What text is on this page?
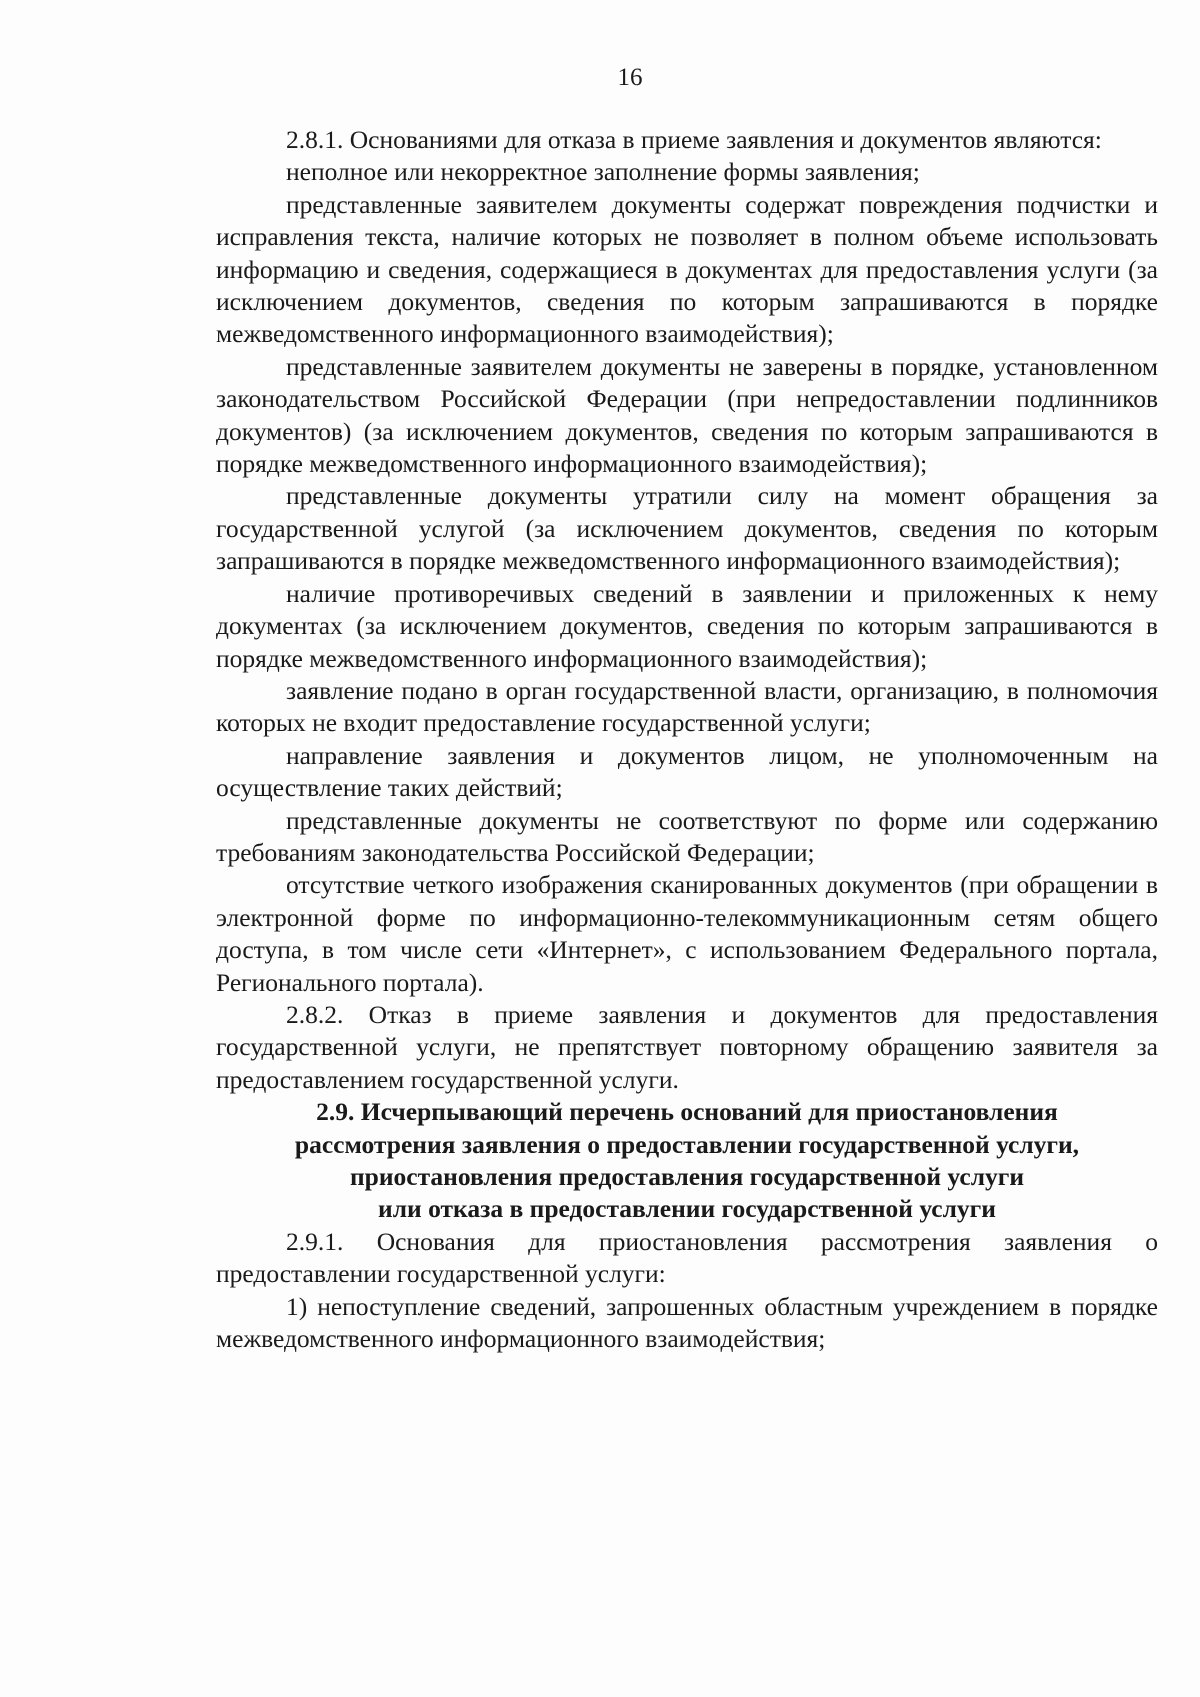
16

2.8.1. Основаниями для отказа в приеме заявления и документов являются:

неполное или некорректное заполнение формы заявления;

представленные заявителем документы содержат повреждения подчистки и исправления текста, наличие которых не позволяет в полном объеме использовать информацию и сведения, содержащиеся в документах для предоставления услуги (за исключением документов, сведения по которым запрашиваются в порядке межведомственного информационного взаимодействия);

представленные заявителем документы не заверены в порядке, установленном законодательством Российской Федерации (при непредоставлении подлинников документов) (за исключением документов, сведения по которым запрашиваются в порядке межведомственного информационного взаимодействия);

представленные документы утратили силу на момент обращения за государственной услугой (за исключением документов, сведения по которым запрашиваются в порядке межведомственного информационного взаимодействия);

наличие противоречивых сведений в заявлении и приложенных к нему документах (за исключением документов, сведения по которым запрашиваются в порядке межведомственного информационного взаимодействия);

заявление подано в орган государственной власти, организацию, в полномочия которых не входит предоставление государственной услуги;

направление заявления и документов лицом, не уполномоченным на осуществление таких действий;

представленные документы не соответствуют по форме или содержанию требованиям законодательства Российской Федерации;

отсутствие четкого изображения сканированных документов (при обращении в электронной форме по информационно-телекоммуникационным сетям общего доступа, в том числе сети «Интернет», с использованием Федерального портала, Регионального портала).

2.8.2. Отказ в приеме заявления и документов для предоставления государственной услуги, не препятствует повторному обращению заявителя за предоставлением государственной услуги.

2.9. Исчерпывающий перечень оснований для приостановления
рассмотрения заявления о предоставлении государственной услуги,
приостановления предоставления государственной услуги
или отказа в предоставлении государственной услуги

2.9.1. Основания для приостановления рассмотрения заявления о предоставлении государственной услуги:

1) непоступление сведений, запрошенных областным учреждением в порядке межведомственного информационного взаимодействия;
